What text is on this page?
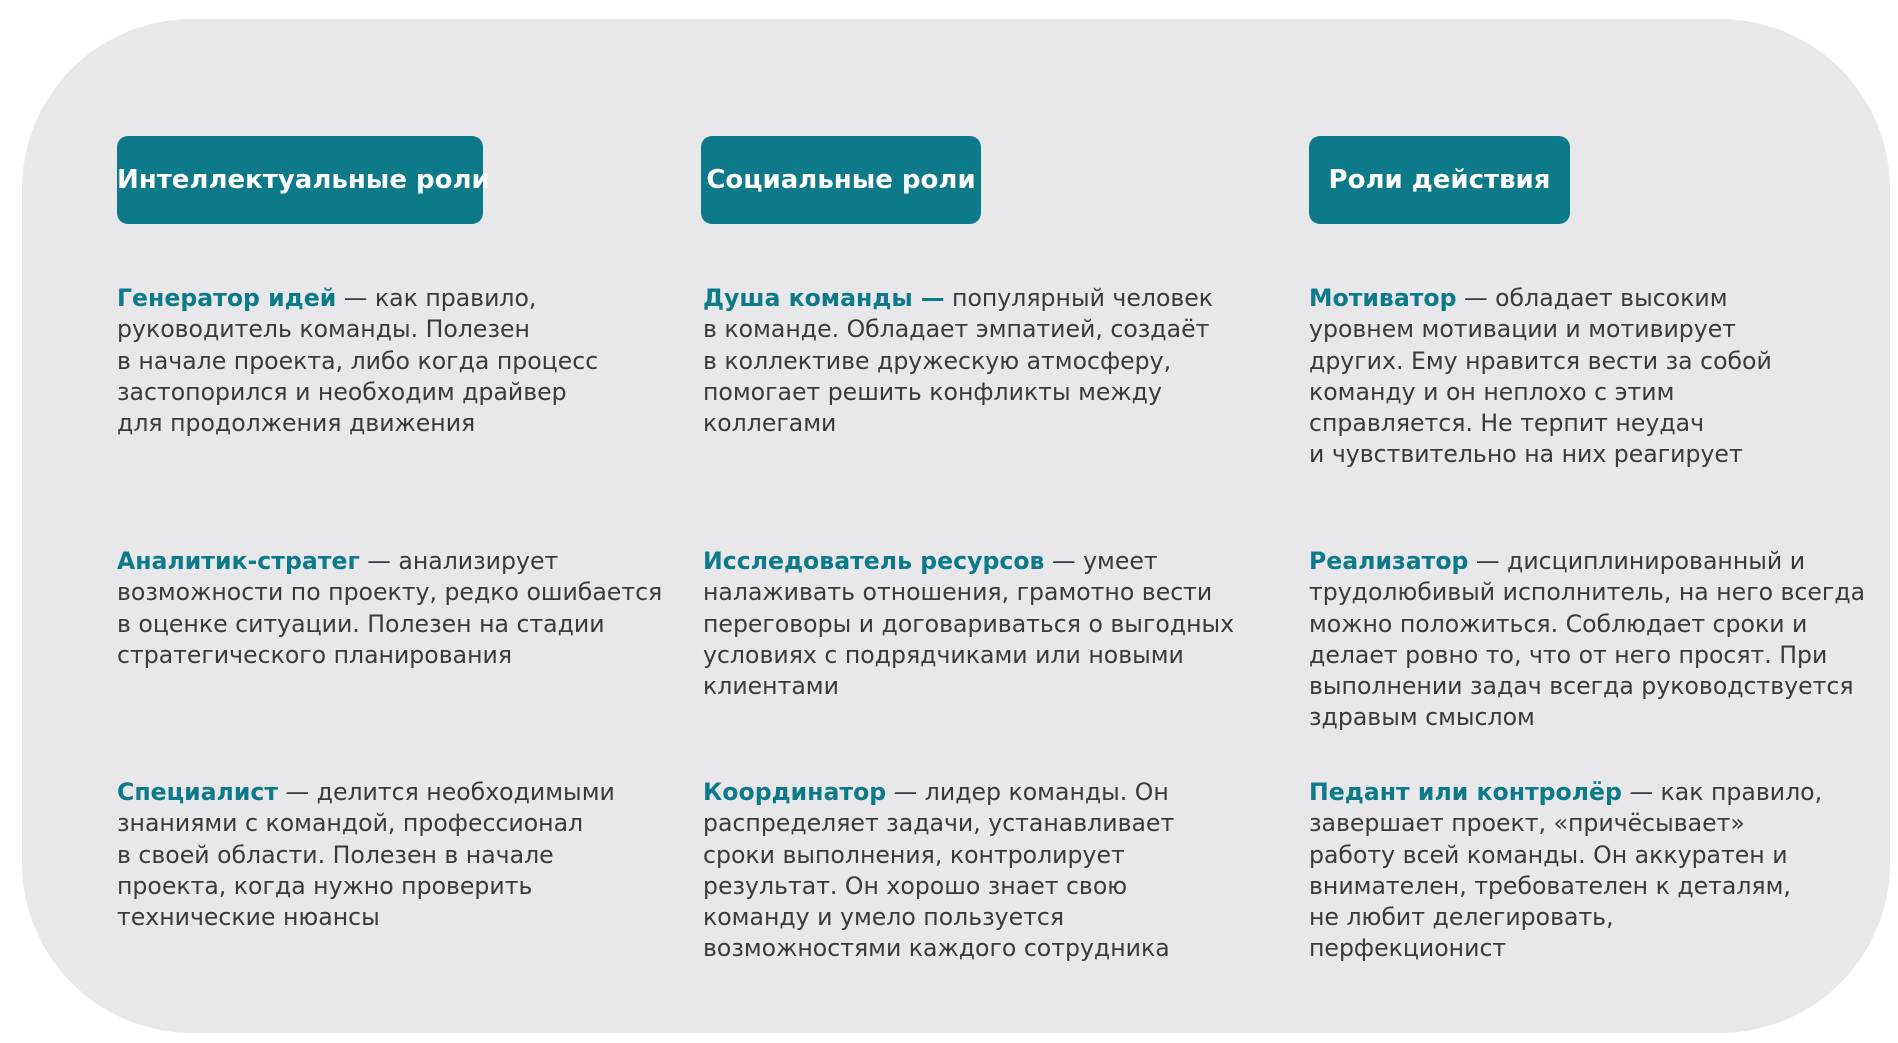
Интеллектуальные роли	Социальные роли	Роли действия
Генератор идей — как правило,
руководитель команды. Полезен
в начале проекта, либо когда процесс
застопорился и необходим драйвер
для продолжения движения
Душа команды — популярный человек
в команде. Обладает эмпатией, создаёт
в коллективе дружескую атмосферу,
помогает решить конфликты между
коллегами
Мотиватор — обладает высоким
уровнем мотивации и мотивирует
других. Ему нравится вести за собой
команду и он неплохо с этим
справляется. Не терпит неудач
и чувствительно на них реагирует
Аналитик-стратег — анализирует
возможности по проекту, редко ошибается
в оценке ситуации. Полезен на стадии
стратегического планирования
Исследователь ресурсов — умеет
налаживать отношения, грамотно вести
переговоры и договариваться о выгодных
условиях с подрядчиками или новыми
клиентами
Реализатор — дисциплинированный и
трудолюбивый исполнитель, на него всегда
можно положиться. Соблюдает сроки и
делает ровно то, что от него просят. При
выполнении задач всегда руководствуется
здравым смыслом
Специалист — делится необходимыми
знаниями с командой, профессионал
в своей области. Полезен в начале
проекта, когда нужно проверить
технические нюансы
Координатор — лидер команды. Он
распределяет задачи, устанавливает
сроки выполнения, контролирует
результат. Он хорошо знает свою
команду и умело пользуется
возможностями каждого сотрудника
Педант или контролёр — как правило,
завершает проект, «причёсывает»
работу всей команды. Он аккуратен и
внимателен, требователен к деталям,
не любит делегировать,
перфекционист
